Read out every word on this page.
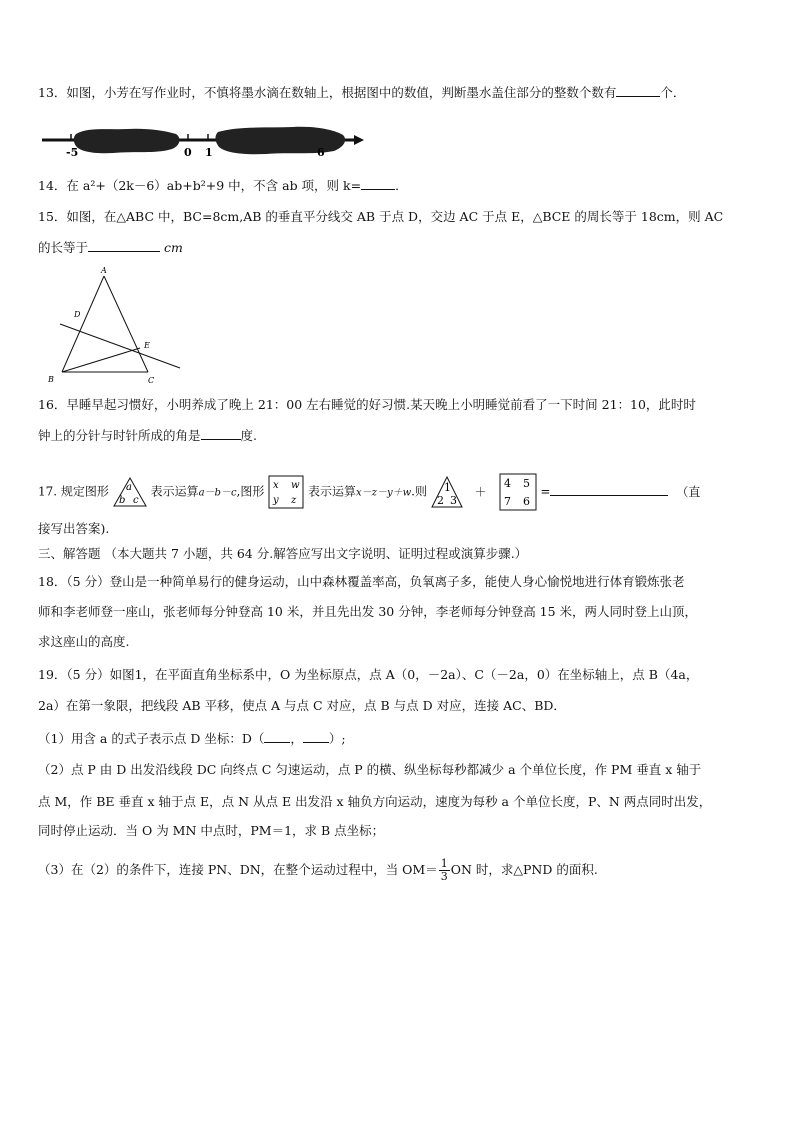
13．如图，小芳在写作业时，不慎将墨水滴在数轴上，根据图中的数值，判断墨水盖住部分的整数个数有	个．
-5	0 1	6
14．在 a²+（2k－6）ab+b²+9 中，不含 ab 项，则 k=	．
15．如图，在△ABC 中，BC=8cm,AB 的垂直平分线交 AB 于点 D，交边 AC 于点 E，△BCE 的周长等于 18cm，则 AC
的长等于	cm
A
D
E
B	C
16．早睡早起习惯好，小明养成了晚上 21：00 左右睡觉的好习惯.某天晚上小明睡觉前看了一下时间 21：10，此时时
钟上的分针与时针所成的角是	度.
17. 规定图形 a
b c
表示运算a－b－c,图形 x w
y z
表示运算x－z－y＋w.则 1
2 3
＋
4 5
7 6
=	（直
接写出答案).
三、解答题 （本大题共 7 小题，共 64 分.解答应写出文字说明、证明过程或演算步骤.）
18．（5 分）登山是一种简单易行的健身运动，山中森林覆盖率高，负氧离子多，能使人身心愉悦地进行体育锻炼张老
师和李老师登一座山，张老师每分钟登高 10 米，并且先出发 30 分钟，李老师每分钟登高 15 米，两人同时登上山顶，
求这座山的高度.
19．（5 分）如图1，在平面直角坐标系中，O 为坐标原点，点 A（0，－2a）、C（－2a，0）在坐标轴上，点 B（4a，
2a）在第一象限，把线段 AB 平移，使点 A 与点 C 对应，点 B 与点 D 对应，连接 AC、BD．
（1）用含 a 的式子表示点 D 坐标：D（ ， ）;
（2）点 P 由 D 出发沿线段 DC 向终点 C 匀速运动，点 P 的横、纵坐标每秒都减少 a 个单位长度，作 PM 垂直 x 轴于
点 M，作 BE 垂直 x 轴于点 E，点 N 从点 E 出发沿 x 轴负方向运动，速度为每秒 a 个单位长度，P、N 两点同时出发，
同时停止运动．当 O 为 MN 中点时，PM＝1，求 B 点坐标；
（3）在（2）的条件下，连接 PN、DN，在整个运动过程中，当 $OM= \frac{1}{3}$ ON 时，求△PND 的面积.
